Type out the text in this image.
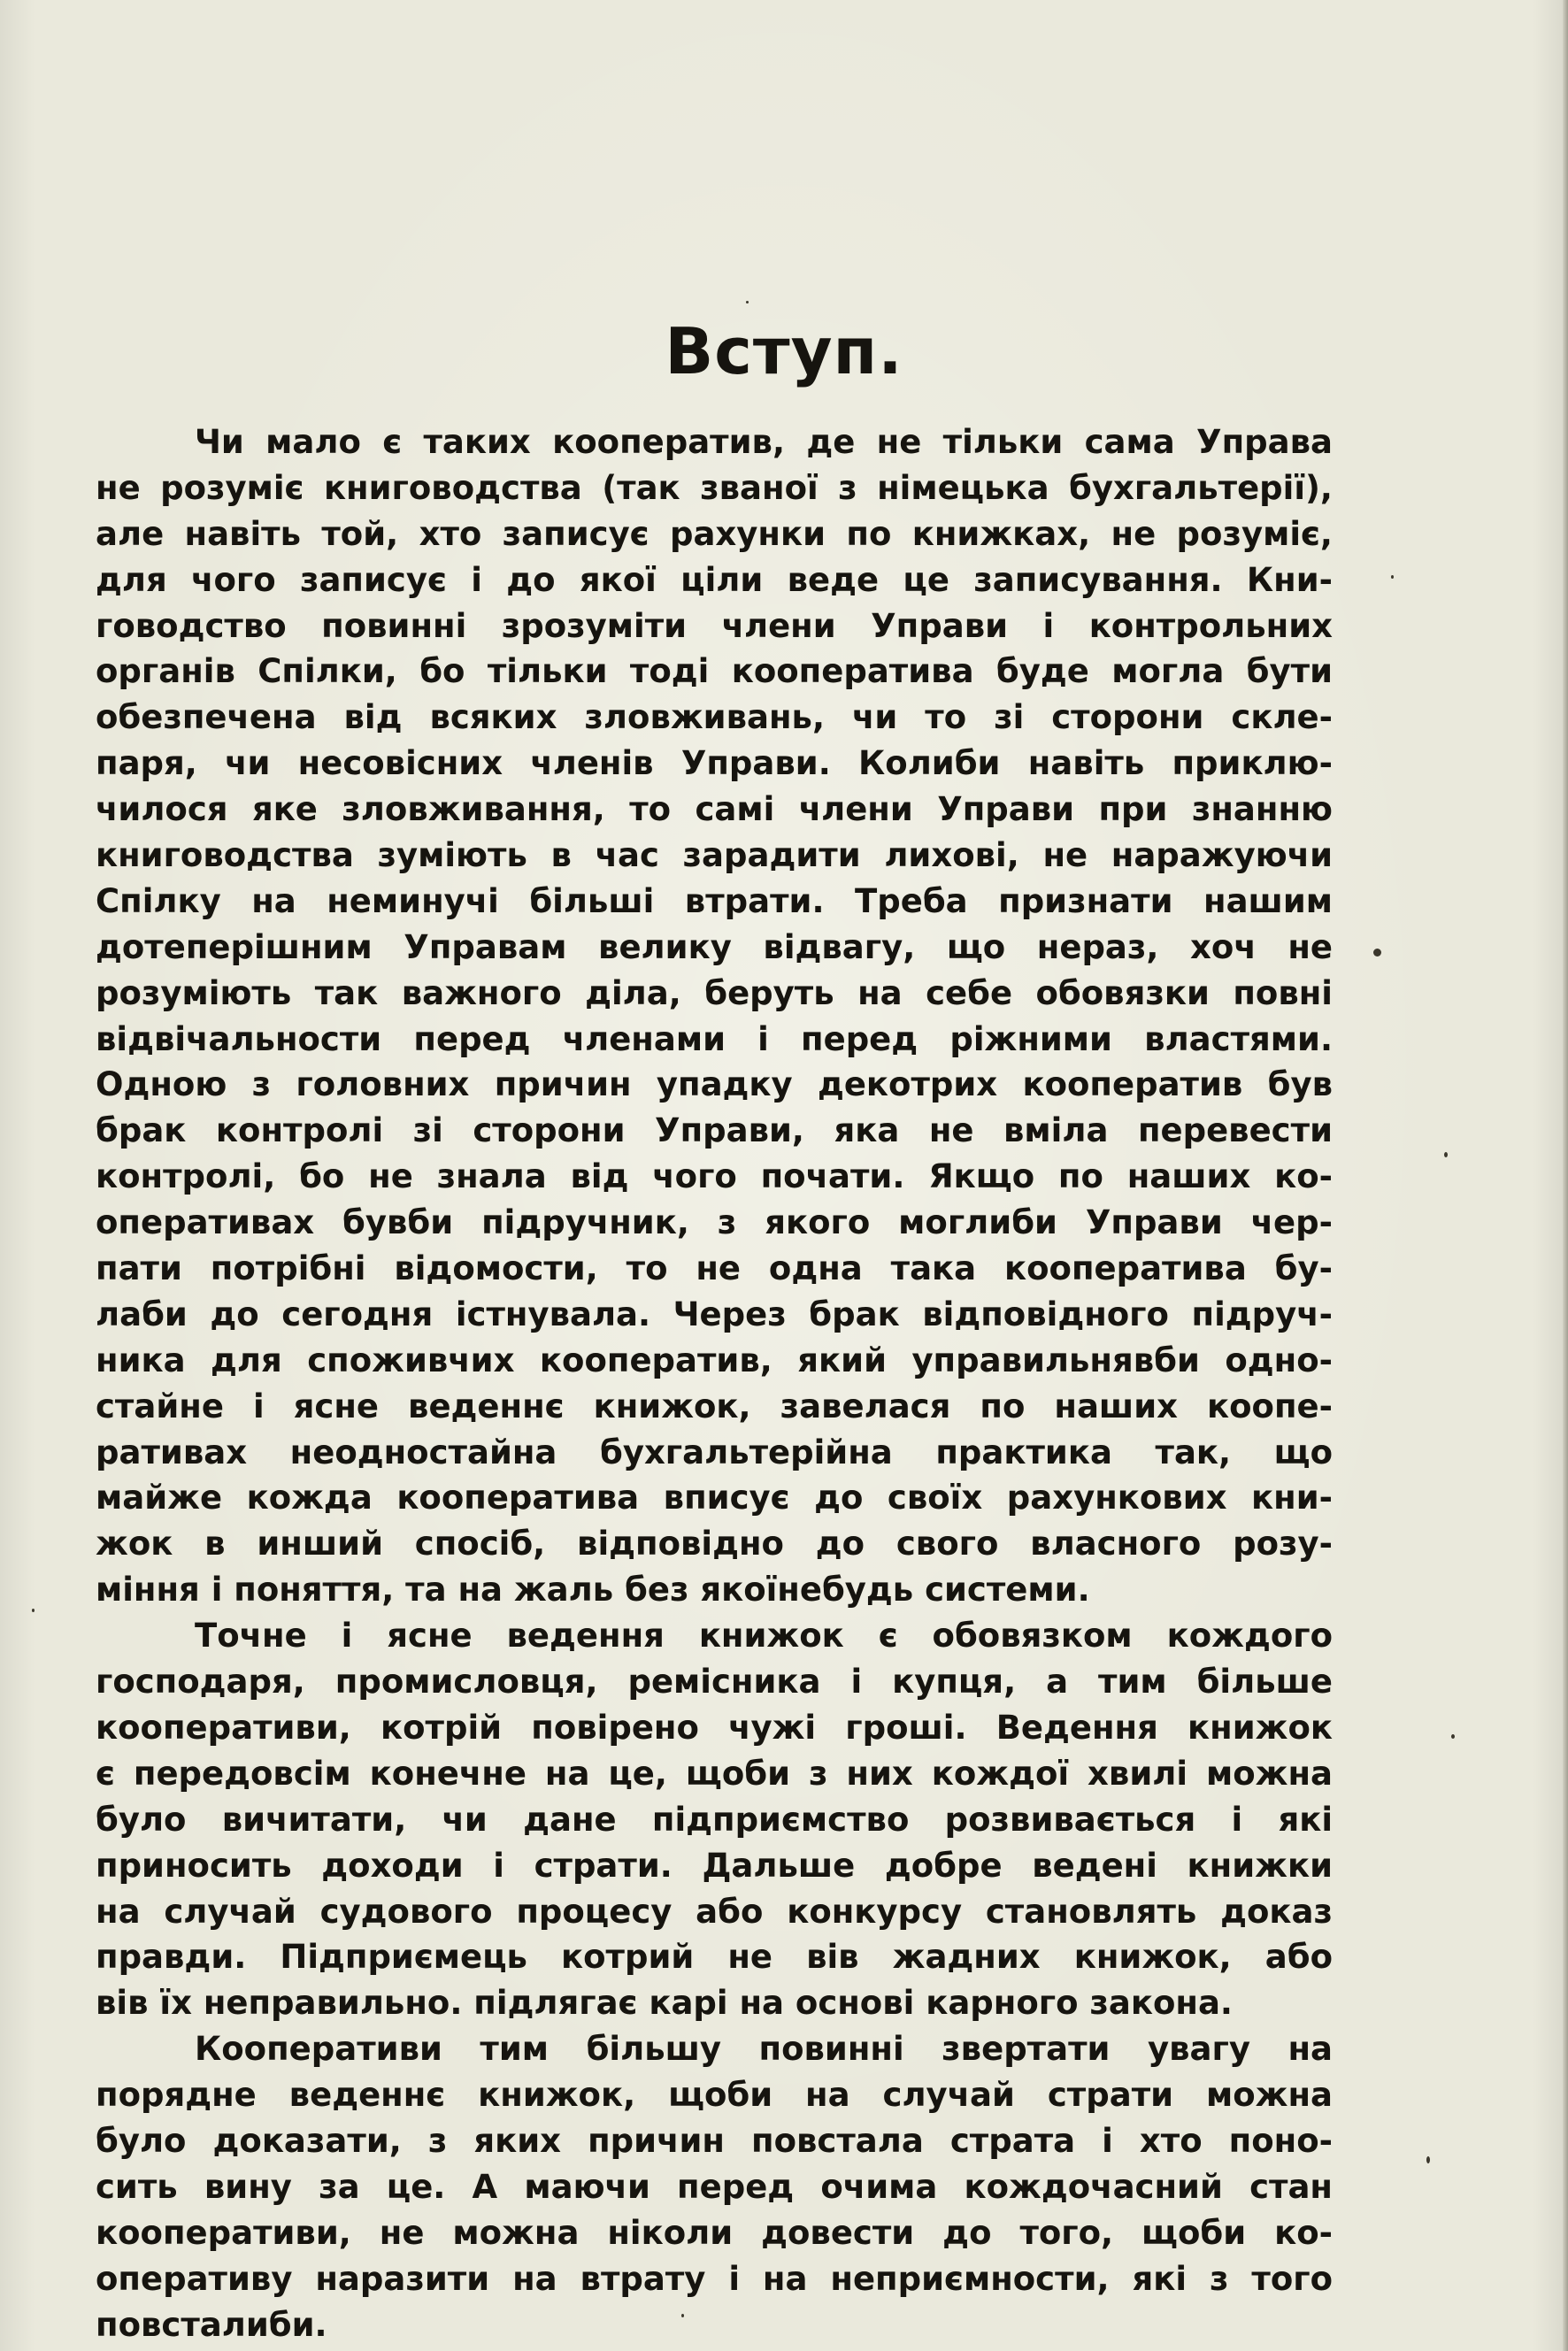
Вступ.
Чи мало є таких кооператив, де не тільки сама Управа
не розуміє книговодства (так званої з німецька бухгальтерії),
але навіть той, хто записує рахунки по книжках, не розуміє,
для чого записує і до якої ціли веде це записування. Кни-
говодство повинні зрозуміти члени Управи і контрольних
органів Спілки, бо тільки тоді кооператива буде могла бути
обезпечена від всяких зловживань, чи то зі сторони скле-
паря, чи несовісних членів Управи. Колиби навіть приклю-
чилося яке зловживання, то самі члени Управи при знанню
книговодства зуміють в час зарадити лихові, не наражуючи
Спілку на неминучі більші втрати. Треба признати нашим
дотеперішним Управам велику відвагу, що нераз, хоч не
розуміють так важного діла, беруть на себе обовязки повні
відвічальности перед членами і перед ріжними властями.
Одною з головних причин упадку декотрих кооператив був
брак контролі зі сторони Управи, яка не вміла перевести
контролі, бо не знала від чого почати. Якщо по наших ко-
оперативах бувби підручник, з якого моглиби Управи чер-
пати потрібні відомости, то не одна така кооператива бу-
лаби до сегодня істнувала. Через брак відповідного підруч-
ника для споживчих кооператив, який управильнявби одно-
стайне і ясне веденнє книжок, завелася по наших коопе-
ративах неодностайна бухгальтерійна практика так, що
майже кожда кооператива вписує до своїх рахункових кни-
жок в инший спосіб, відповідно до свого власного розу-
міння і поняття, та на жаль без якоїнебудь системи.
Точне і ясне ведення книжок є обовязком кождого
господаря, промисловця, ремісника і купця, а тим більше
кооперативи, котрій повірено чужі гроші. Ведення книжок
є передовсім конечне на це, щоби з них кождої хвилі можна
було вичитати, чи дане підприємство розвивається і які
приносить доходи і страти. Дальше добре ведені книжки
на случай судового процесу або конкурсу становлять доказ
правди. Підприємець котрий не вів жадних книжок, або
вів їх неправильно. підлягає карі на основі карного закона.
Кооперативи тим більшу повинні звертати увагу на
порядне веденнє книжок, щоби на случай страти можна
було доказати, з яких причин повстала страта і хто поно-
сить вину за це. А маючи перед очима кождочасний стан
кооперативи, не можна ніколи довести до того, щоби ко-
оперативу наразити на втрату і на неприємности, які з того
повсталиби.
